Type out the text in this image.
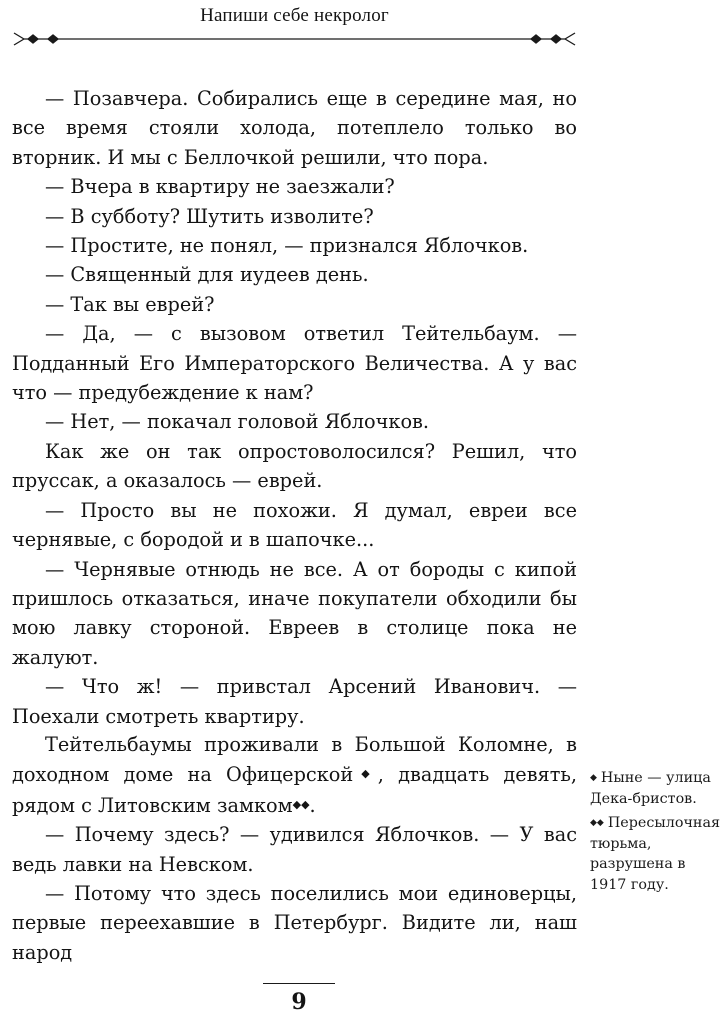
Напиши себе некролог

— Позавчера. Собирались еще в середине мая, но все время стояли холода, потеплело только во вторник. И мы с Беллочкой решили, что пора.

— Вчера в квартиру не заезжали?

— В субботу? Шутить изволите?

— Простите, не понял, — признался Яблочков.

— Священный для иудеев день.

— Так вы еврей?

— Да, — с вызовом ответил Тейтельбаум. — Подданный Его Императорского Величества. А у вас что — предубеждение к нам?

— Нет, — покачал головой Яблочков.

Как же он так опростоволосился? Решил, что пруссак, а оказалось — еврей.

— Просто вы не похожи. Я думал, евреи все чернявые, с бородой и в шапочке...

— Чернявые отнюдь не все. А от бороды с кипой пришлось отказаться, иначе покупатели обходили бы мою лавку стороной. Евреев в столице пока не жалуют.

— Что ж! — привстал Арсений Иванович. — Поехали смотреть квартиру.

Тейтельбаумы проживали в Большой Коломне, в доходном доме на Офицерской◆, двадцать девять, рядом с Литовским замком◆◆.

— Почему здесь? — удивился Яблочков. — У вас ведь лавки на Невском.

— Потому что здесь поселились мои единоверцы, первые переехавшие в Петербург. Видите ли, наш народ

◆ Ныне — улица Дека-бристов.

◆◆ Пересылочная тюрьма, разрушена в 1917 году.

9
